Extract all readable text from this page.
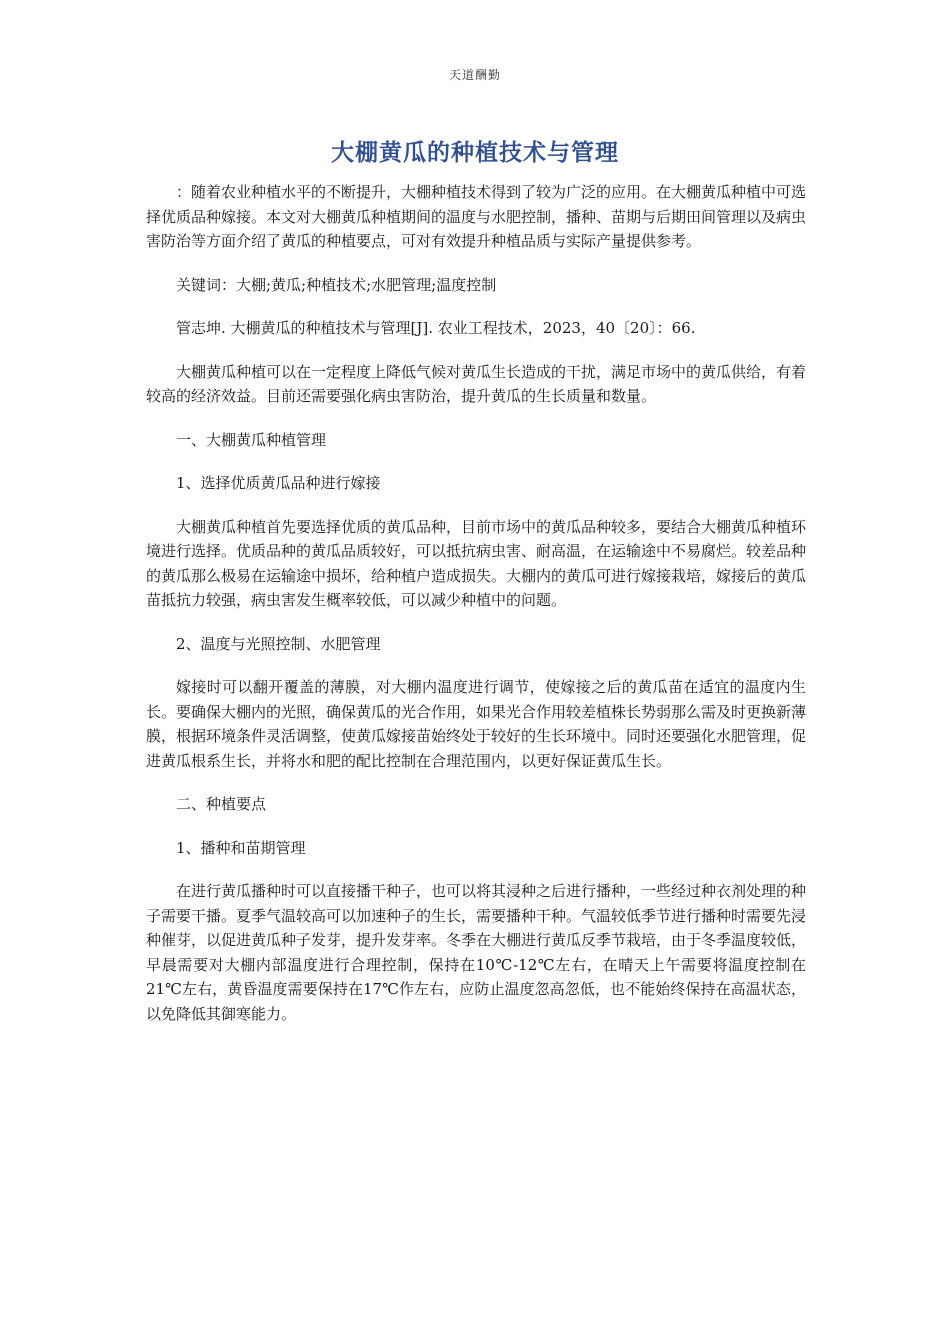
天道酬勤
大棚黄瓜的种植技术与管理

：随着农业种植水平的不断提升，大棚种植技术得到了较为广泛的应用。在大棚黄瓜种植中可选择优质品种嫁接。本文对大棚黄瓜种植期间的温度与水肥控制，播种、苗期与后期田间管理以及病虫害防治等方面介绍了黄瓜的种植要点，可对有效提升种植品质与实际产量提供参考。

关键词：大棚;黄瓜;种植技术;水肥管理;温度控制

管志坤. 大棚黄瓜的种植技术与管理[J]. 农业工程技术，2023，40〔20〕：66.

大棚黄瓜种植可以在一定程度上降低气候对黄瓜生长造成的干扰，满足市场中的黄瓜供给，有着较高的经济效益。目前还需要强化病虫害防治，提升黄瓜的生长质量和数量。

一、大棚黄瓜种植管理

1、选择优质黄瓜品种进行嫁接

大棚黄瓜种植首先要选择优质的黄瓜品种，目前市场中的黄瓜品种较多，要结合大棚黄瓜种植环境进行选择。优质品种的黄瓜品质较好，可以抵抗病虫害、耐高温，在运输途中不易腐烂。较差品种的黄瓜那么极易在运输途中损坏，给种植户造成损失。大棚内的黄瓜可进行嫁接栽培，嫁接后的黄瓜苗抵抗力较强，病虫害发生概率较低，可以减少种植中的问题。

2、温度与光照控制、水肥管理

嫁接时可以翻开覆盖的薄膜，对大棚内温度进行调节，使嫁接之后的黄瓜苗在适宜的温度内生长。要确保大棚内的光照，确保黄瓜的光合作用，如果光合作用较差植株长势弱那么需及时更换新薄膜，根据环境条件灵活调整，使黄瓜嫁接苗始终处于较好的生长环境中。同时还要强化水肥管理，促进黄瓜根系生长，并将水和肥的配比控制在合理范围内，以更好保证黄瓜生长。

二、种植要点

1、播种和苗期管理

在进行黄瓜播种时可以直接播干种子，也可以将其浸种之后进行播种，一些经过种衣剂处理的种子需要干播。夏季气温较高可以加速种子的生长，需要播种干种。气温较低季节进行播种时需要先浸种催芽，以促进黄瓜种子发芽，提升发芽率。冬季在大棚进行黄瓜反季节栽培，由于冬季温度较低，早晨需要对大棚内部温度进行合理控制，保持在10℃-12℃左右，在晴天上午需要将温度控制在21℃左右，黄昏温度需要保持在17℃作左右，应防止温度忽高忽低，也不能始终保持在高温状态，以免降低其御寒能力。
